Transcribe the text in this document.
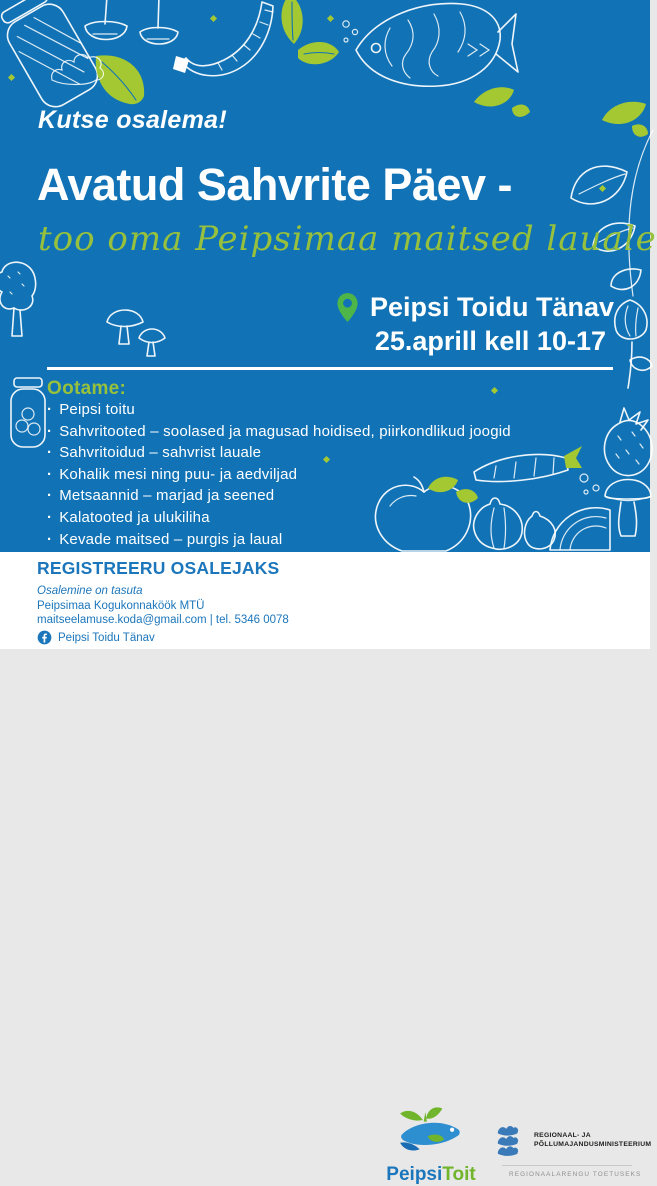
Kutse osalema!
Avatud Sahvrite Päev -
too oma Peipsimaa maitsed lauale
Peipsi Toidu Tänav
25.aprill kell 10-17
Ootame:
· Peipsi toitu
· Sahvritooted – soolased ja magusad hoidised, piirkondlikud joogid
· Sahvritoidud – sahvrist lauale
· Kohalik mesi ning puu- ja aedviljad
· Metsaannid – marjad ja seened
· Kalatooted ja ulukiliha
· Kevade maitsed – purgis ja laual
REGISTREERU OSALEJAKS
Osalemine on tasuta
Peipsimaa Kogukonnaköök MTÜ
maitseelamuse.koda@gmail.com | tel. 5346 0078
Peipsi Toidu Tänav
PeipsiToit
REGIONAAL- JA
PÕLLUMAJANDUSMINISTEERIUM
REGIONAALARENGU TOETUSEKS
